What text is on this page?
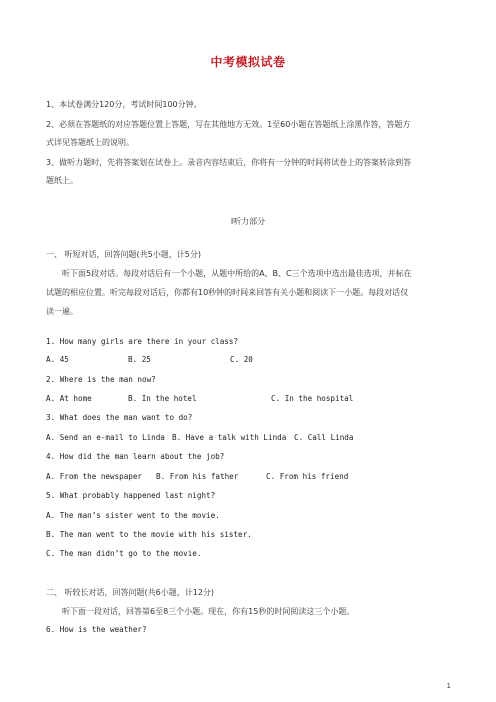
中考模拟试卷
1、本试卷满分120分，考试时间100分钟。
2、必须在答题纸的对应答题位置上答题，写在其他地方无效。1至60小题在答题纸上涂黑作答，答题方
式详见答题纸上的说明。
3、做听力题时，先将答案划在试卷上。录音内容结束后，你将有一分钟的时间将试卷上的答案转涂到答
题纸上。
Ⅰ听力部分
一、 听短对话，回答问题(共5小题，计5分)
听下面5段对话。每段对话后有一个小题，从题中所给的A、B、C三个选项中选出最佳选项，并标在
试题的相应位置。听完每段对话后，你都有10秒钟的时间来回答有关小题和阅读下一小题。每段对话仅
读一遍。
1. How many girls are there in your class?
A. 45	B. 25	C. 20
2. Where is the man now?
A. At home	B. In the hotel	C. In the hospital
3. What does the man want to do?
A. Send an e-mail to Linda B. Have a talk with Linda	C. Call Linda
4. How did the man learn about the job?
A. From the newspaper	B. From his father	C. From his friend
5. What probably happened last night?
A. The man’s sister went to the movie.
B. The man went to the movie with his sister.
C. The man didn’t go to the movie.
二、 听较长对话，回答问题(共6小题，计12分)
听下面一段对话，回答第6至8三个小题。现在，你有15秒的时间阅读这三个小题。
6. How is the weather?
1
